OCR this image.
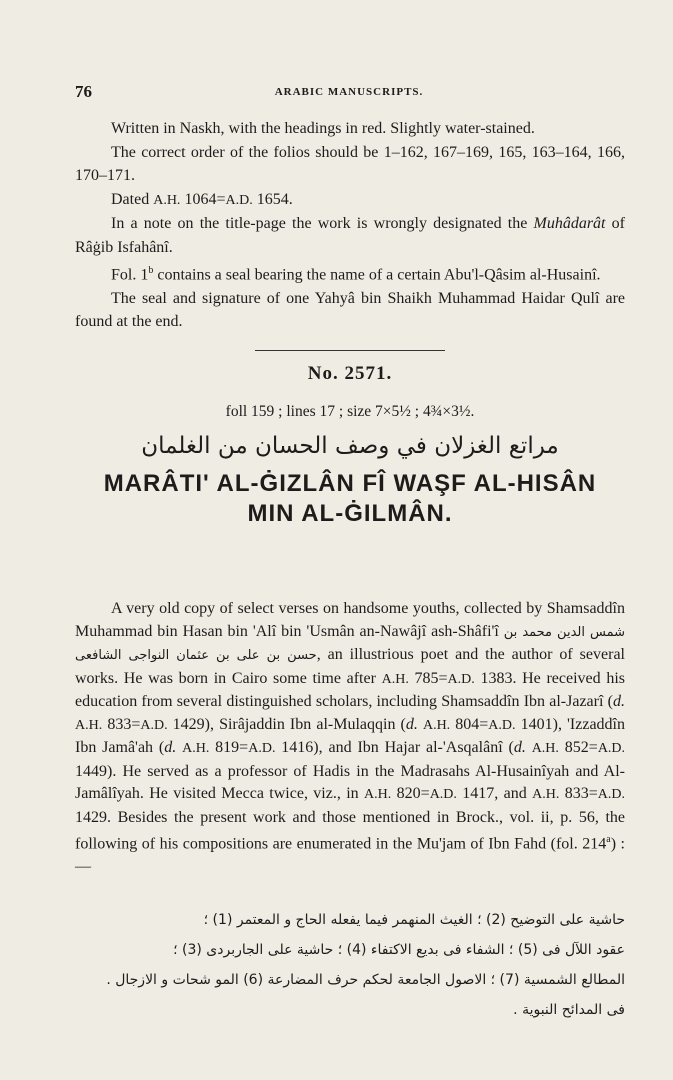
76	ARABIC MANUSCRIPTS.

Written in Naskh, with the headings in red. Slightly water-stained.

The correct order of the folios should be 1–162, 167–169, 165, 163–164, 166, 170–171.

Dated A.H. 1064=A.D. 1654.

In a note on the title-page the work is wrongly designated the Muhâdarât of Râġib Isfahânî.

Fol. 1$^b$ contains a seal bearing the name of a certain Abu'l-Qâsim al-Husainî.

The seal and signature of one Yahyâ bin Shaikh Muhammad Haidar Qulî are found at the end.

No. 2571.
foll 159 ; lines 17 ; size 7×5½ ; 4¾×3½.
مراتع الغزلان في وصف الحسان من الغلمان
MARÂTI' AL-ĠIZLÂN FÎ WAŞF AL-HISÂN
MIN AL-ĠILMÂN.

A very old copy of select verses on handsome youths, collected by Shamsaddîn Muhammad bin Hasan bin 'Alî bin 'Usmân an-Nawâjî ash-Shâfi'î شمس الدين محمد بن حسن بن على بن عثمان النواجى الشافعى, an illustrious poet and the author of several works. He was born in Cairo some time after A.H. 785=A.D. 1383. He received his education from several distinguished scholars, including Shamsaddîn Ibn al-Jazarî (d. A.H. 833=A.D. 1429), Sirâjaddin Ibn al-Mulaqqin (d. A.H. 804=A.D. 1401), 'Izzaddîn Ibn Jamâ'ah (d. A.H. 819=A.D. 1416), and Ibn Hajar al-'Asqalânî (d. A.H. 852=A.D. 1449). He served as a professor of Hadis in the Madrasahs Al-Husainîyah and Al-Jamâlîyah. He visited Mecca twice, viz., in A.H. 820=A.D. 1417, and A.H. 833=A.D. 1429. Besides the present work and those mentioned in Brock., vol. ii, p. 56, the following of his compositions are enumerated in the Mu'jam of Ibn Fahd (fol. 214$^a$) :—

حاشية على التوضيح (2) ؛ الغيث المنهمر فيما يفعله الحاج و المعتمر (1) ؛

عقود اللآل فى (5) ؛ الشفاء فى بديع الاكتفاء (4) ؛ حاشية على الجاربردى (3) ؛

المطالع الشمسية (7) ؛ الاصول الجامعة لحكم حرف المضارعة (6) المو شحات و الازجال .

فى المدائح النبوية .
